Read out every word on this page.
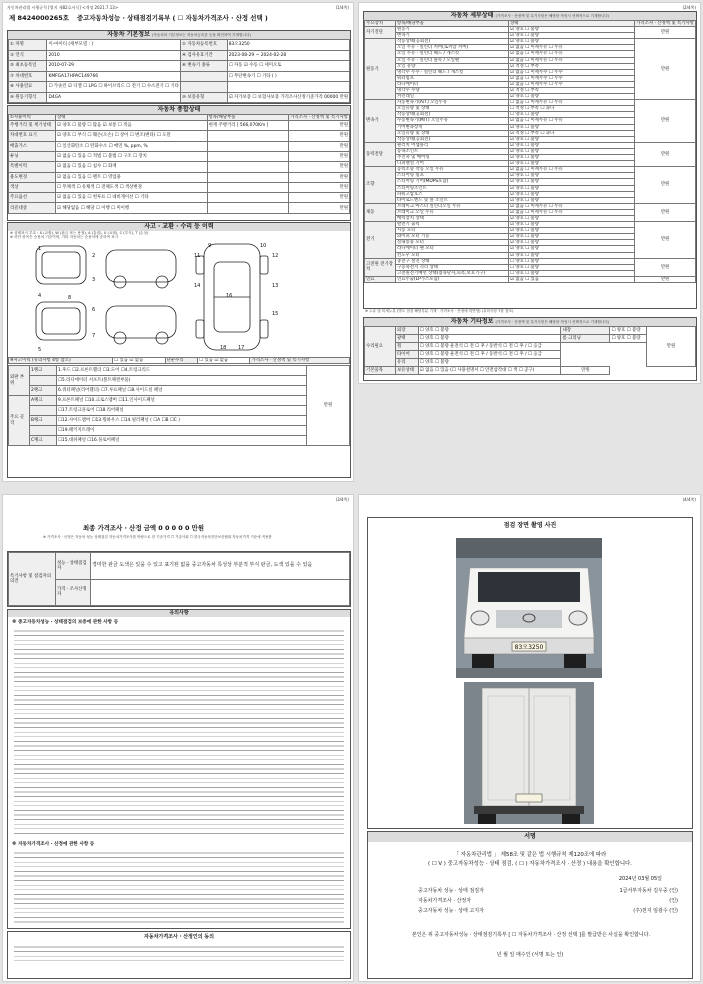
자동차관리법 시행규칙 [별지 제82호서식] <개정 2021.7.13>	(1/4쪽)
제 8424000265호 중고자동차성능 · 상태점검기록부 ( ☐ 자동차가격조사 · 산정 선택 )
자동차 기본정보 (자동차의 기본정보는 자동차등록증 등을 확인하여 기재합니다)
① 차명	이-마이티 (세부모델 : )	② 자동차등록번호	83오3250
③ 연식	2010	④ 검사유효기간	2023-08-29 ~ 2024-02-28
⑤ 최초등록일	2010-07-29	⑥ 변속기 종류	☐ 자동 ☑ 수동 ☐ 세미오토
⑦ 차대번호	KMFGA17HPAC149766		☐ 무단변속기 ☐ 기타 ( )
⑧ 사용연료	☐ 가솔린 ☑ 디젤 ☐ LPG ☐ 하이브리드 ☐ 전기 ☐ 수소전기 ☐ 기타		
⑨ 원동기형식	D4GA	⑩ 보증유형	☑ 자가보증 ☐ 보험사보증 가격조사산정기준가격 00000 만원
자동차 종합상태
①사용이력	상태	항목/해당부품	가격조사 · 산정액 및 특기사항
주행거리 및 계기상태	☑ 양호 ☐ 불량 ☐ 많음 ☑ 보통 ☐ 적음	현재 주행거리 [ 566,070Km ]	만원
차대번호 표기	☑ 양호 ☐ 부식 ☐ 훼손(오손) ☐ 상이 ☐ 변조(변타) ☐ 도말		만원
배출가스	☐ 일산화탄소 ☐ 탄화수소 ☐ 매연 %, ppm, %		만원
튜닝	☑ 없음 ☐ 있음 ☐ 적법 ☐ 불법 ☐ 구조 ☐ 장치		만원
특별이력	☑ 없음 ☐ 있음 ☐ 침수 ☐ 화재		만원
용도변경	☑ 없음 ☐ 있음 ☐ 렌트 ☐ 영업용		만원
색상	☐ 무채색 ☐ 유채색 ☐ 전체도색 ☐ 색상변경		만원
주요옵션	☑ 없음 ☐ 있음 ☐ 썬루프 ☐ 네비게이션 ☐ 기타		만원
리콜대상	☑ 해당없음 ☐ 해당 ☐ 이행 ☐ 미이행		만원
사고 · 교환 · 수리 등 이력
※ 상태표시 부호 : X (교환), W (판금 또는 용접), A (흠집), U (요철), C (부식), T (손상)
※ 하단 항목은 승용차 기준이며, 기타 자동차는 승용차에 준하여 표시
1
2
3
4
5
6
7
8
9	10
11	12
13
14
15
16
17
18
※사고이력 (유의사항 4항 참조)	☐ 있음 ☑ 없음	단순수리	☐ 있음 ☑ 없음	가격조사 · 산정액 및 특기사항
외판 부위	1랭크	1.후드 ☐2.프론트휀더 ☐3.도어 ☐4.트렁크리드	만원
		☐5.라디에이터 서포트(볼트체결부품)	
	2랭크	6.쿼터패널(리어휀더) ☐7.루프패널 ☐8.사이드실 패널	
주요 골격	A랭크	9.프론트패널 ☐10.크로스멤버 ☐11.인사이드패널	
		☐17.트렁크플로어 ☐18.리어패널	
	B랭크	☐12.사이드멤버 ☐13.휠하우스 ☐14.필러패널 ( ☐A ☐B ☐C )	
		☐19.패키지트레이	
	C랭크	☐15.대쉬패널 ☐16.플로어패널	
(2/4쪽)
자동차 세부상태 (가격조사 · 산정액 및 특기사항은 해당란 작성시 선택적으로 기재합니다)
주요장치	항목/해당부품	상태	가격조사 · 산정액 및 특기사항
자기진단	원동기	☑ 양호 ☐ 불량	만원
	변속기	☑ 양호 ☐ 불량	
원동기	작동상태(공회전)	☑ 양호 ☐ 불량	만원
	오일 누유 · 실린더 커버(로커암 커버)	☑ 없음 ☐ 미세누유 ☐ 누유	
	오일 누유 · 실린더 헤드 / 개스킷	☑ 없음 ☐ 미세누유 ☐ 누유	
	오일 누유 · 실린더 블록 / 오일팬	☑ 없음 ☐ 미세누유 ☐ 누유	
	오일 유량	☑ 적정 ☐ 부족	
	냉각수 누수 · 실린더 헤드 / 개스킷	☑ 없음 ☐ 미세누수 ☐ 누수	
	워터펌프	☑ 없음 ☐ 미세누수 ☐ 누수	
	라디에이터	☑ 없음 ☐ 미세누수 ☐ 누수	
	냉각수 수량	☑ 적정 ☐ 부족	
	커먼레일	☑ 양호 ☐ 불량	
변속기	자동변속기(A/T) 오일누유	☐ 없음 ☐ 미세누유 ☐ 누유	만원
	오일유량 및 상태	☐ 적정 ☐ 부족 ☐ 과다	
	작동상태(공회전)	☐ 양호 ☐ 불량	
	수동변속기(M/T) 오일누유	☑ 없음 ☐ 미세누유 ☐ 누유	
	기어변속장치	☑ 양호 ☐ 불량	
	오일유량 및 상태	☑ 적정 ☐ 부족 ☐ 과다	
	작동상태(공회전)	☑ 양호 ☐ 불량	
동력전달	클러치 어셈블리	☑ 양호 ☐ 불량	만원
	등속조인트	☑ 양호 ☐ 불량	
	추진축 및 베어링	☑ 양호 ☐ 불량	
	디퍼렌셜 기어	☑ 양호 ☐ 불량	
조향	동력조향 작동 오일 누유	☑ 없음 ☐ 미세누유 ☐ 누유	만원
	스티어링 펌프	☑ 양호 ☐ 불량	
	스티어링 기어(MDPS포함)	☑ 양호 ☐ 불량	
	스티어링조인트	☑ 양호 ☐ 불량	
	파워고압호스	☑ 양호 ☐ 불량	
	타이로드엔드 및 볼 조인트	☑ 양호 ☐ 불량	
제동	브레이크 마스터 실린더오일 누유	☑ 없음 ☐ 미세누유 ☐ 누유	만원
	브레이크 오일 누유	☑ 없음 ☐ 미세누유 ☐ 누유	
	배력장치 상태	☑ 양호 ☐ 불량	
전기	발전기 출력	☑ 양호 ☐ 불량	만원
	시동 모터	☑ 양호 ☐ 불량	
	와이퍼 모터 기능	☑ 양호 ☐ 불량	
	실내송풍 모터	☑ 양호 ☐ 불량	
	라디에이터 팬 모터	☑ 양호 ☐ 불량	
	윈도우 모터	☑ 양호 ☐ 불량	
고전원 전기장치	충전구 절연 상태	☐ 양호 ☐ 불량	만원
	구동축전지 격리 상태	☐ 양호 ☐ 불량	
	고전원전기배선 상태(접속단자,피복,보호기구)	☐ 양호 ☐ 불량	
연료	연료누출(LP가스포함)	☑ 없음 ☐ 있음	만원
※ 누유 및 미세누유 (별도 점검 해당부분 기재 · 가격조사 · 산정에 미반영) (유의사항 7항 참조)
자동차 기타정보 (가격조사 · 산정액 및 특기사항은 해당란 작성시 선택적으로 기재합니다)
수리필요	외장	☐ 양호 ☐ 불량	내장	☐ 양호 ☐ 불량	만원
	광택	☐ 양호 ☐ 불량	룸 크리닝	☐ 양호 ☐ 불량	
	휠	☐ 양호 ☐ 불량 운전석 ☐ 전 ☐ 후 / 동반석 ☐ 전 ☐ 후 / ☐ 응급			
	타이어	☐ 양호 ☐ 불량 운전석 ☐ 전 ☐ 후 / 동반석 ☐ 전 ☐ 후 / ☐ 응급			
	유리	☐ 양호 ☐ 불량			
기본품목	보유상태	☑ 없음 ☐ 있음 (☐ 사용설명서 ☐ 안전삼각대 ☐ 잭 ☐ 공구)	만원		
(3/4쪽)
최종 가격조사 · 산정 금액 0 0 0 0 0 만원
※ 가격조사 · 산정은 자동차 성능 상태점검 자동차가격조사를 바탕으로 한 기준가격 ☐ 기술사회 ☐ 한국자동차진단보증협회 자동차가격 기준에 적용함
특기사항 및 점검자의 의견	성능 · 상태점검자	경미한 판금 도색은 있을 수 있고 표기된 없을 중고자동차 특성상 부분적 부식 판금, 도색 있을 수 있음
	가격 · 조사산정자	
유의사항
※ 중고자동차성능 · 상태점검의 보증에 관한 사항 등
※ 자동차가격조사 · 산정에 관한 사항 등
자동차가격조사 · 산정인의 동의
(4/4쪽)
점검 장면 촬영 사진
83오3250
서명
「 자동차관리법 」 제58조 및 같은 법 시행규칙 제120조에 따라
( ☐ V ) 중고자동차성능 · 상태 점검, ( ☐ ) 자동차가격조사 · 산정 ) 내용을 확인합니다.
2024년 03월 05일
중고자동차 성능 · 상태 점검자	1급서부자동차 김우중 (인)
자동차가격조사 · 산정자	(인)
중고자동차 성능 · 상태 고지자	(주)천지 임광수 (인)
본인은 위 중고자동차성능 · 상태점검기록부 [ ☐ 자동차가격조사 · 산정 선택 ]를 발급받은 사실을 확인합니다.
년 월 일 매수인 (서명 또는 인)
